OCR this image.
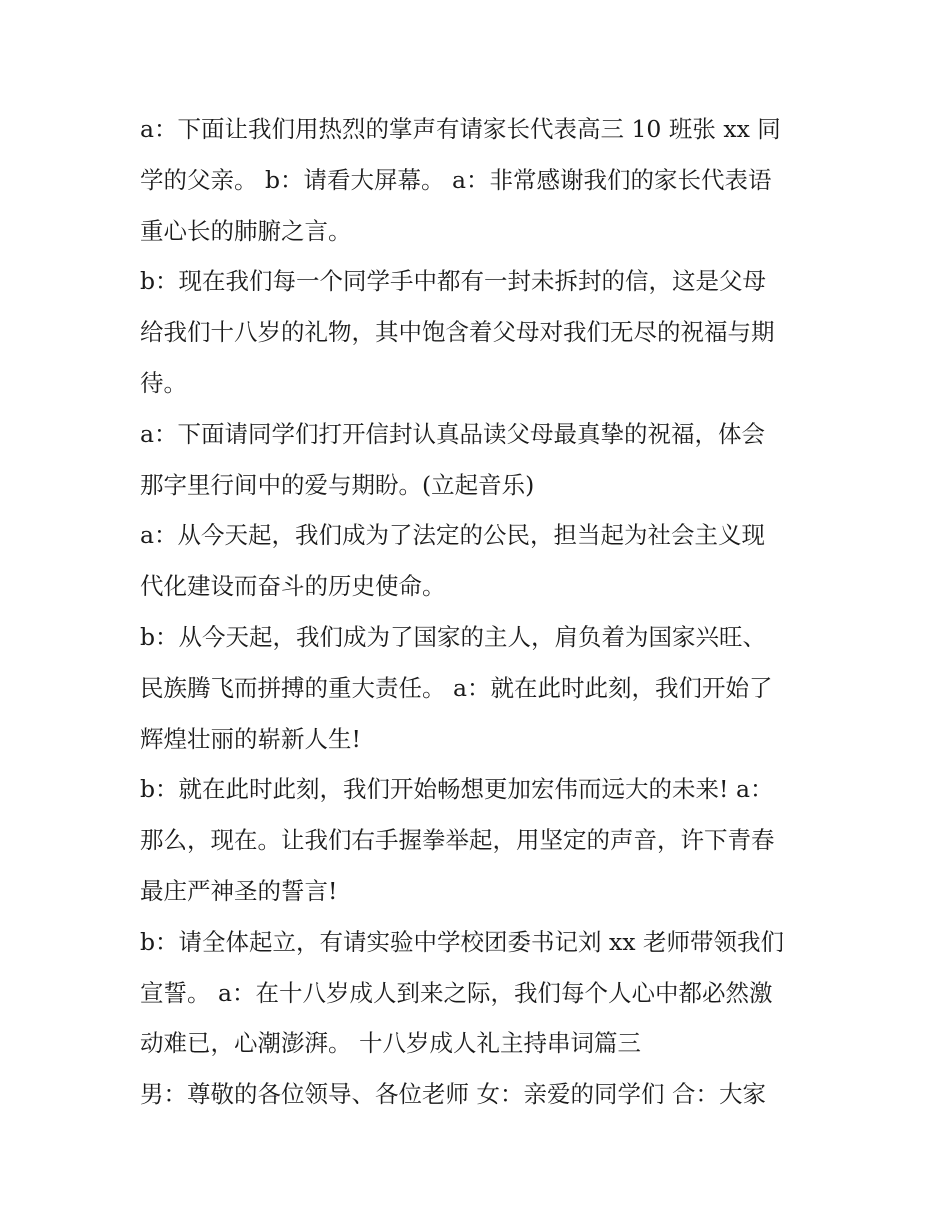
a：下面让我们用热烈的掌声有请家长代表高三 10 班张 xx 同
学的父亲。 b：请看大屏幕。 a：非常感谢我们的家长代表语
重心长的肺腑之言。
b：现在我们每一个同学手中都有一封未拆封的信，这是父母
给我们十八岁的礼物，其中饱含着父母对我们无尽的祝福与期
待。
a：下面请同学们打开信封认真品读父母最真挚的祝福，体会
那字里行间中的爱与期盼。(立起音乐)
a：从今天起，我们成为了法定的公民，担当起为社会主义现
代化建设而奋斗的历史使命。
b：从今天起，我们成为了国家的主人，肩负着为国家兴旺、
民族腾飞而拼搏的重大责任。 a：就在此时此刻，我们开始了
辉煌壮丽的崭新人生!
b：就在此时此刻，我们开始畅想更加宏伟而远大的未来! a：
那么，现在。让我们右手握拳举起，用坚定的声音，许下青春
最庄严神圣的誓言!
b：请全体起立，有请实验中学校团委书记刘 xx 老师带领我们
宣誓。 a：在十八岁成人到来之际，我们每个人心中都必然激
动难已，心潮澎湃。 十八岁成人礼主持串词篇三
男：尊敬的各位领导、各位老师 女：亲爱的同学们 合：大家
